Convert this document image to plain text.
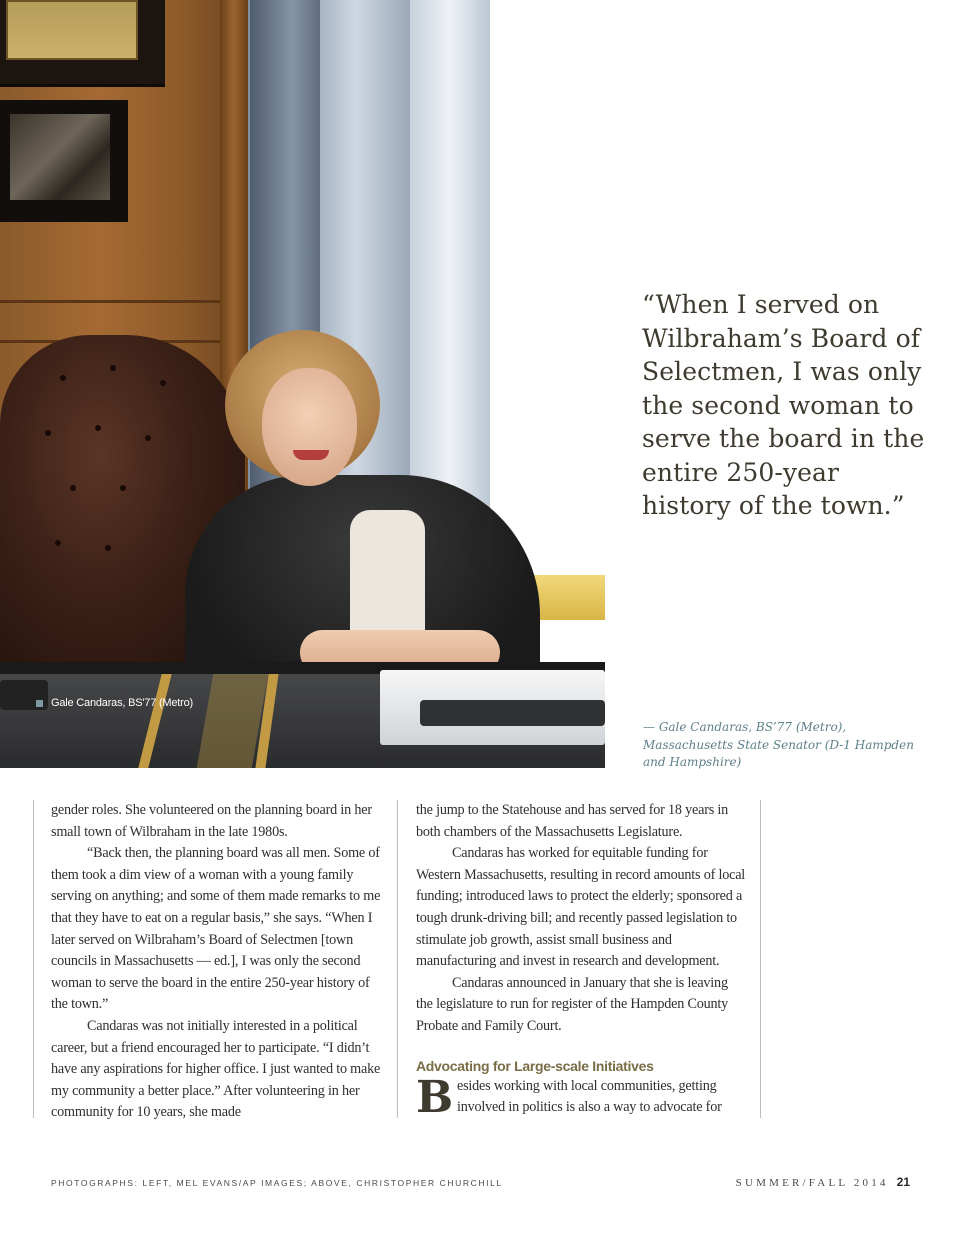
Gale Candaras, BS'77 (Metro)

“When I served on Wilbraham’s Board of Selectmen, I was only the second woman to serve the board in the entire 250-year history of the town.”

— Gale Candaras, BS’77 (Metro), Massachusetts State Senator (D-1 Hampden and Hampshire)

gender roles. She volunteered on the planning board in her small town of Wilbraham in the late 1980s.

“Back then, the planning board was all men. Some of them took a dim view of a woman with a young family serving on anything; and some of them made remarks to me that they have to eat on a regular basis,” she says. “When I later served on Wilbraham’s Board of Selectmen [town councils in Massachusetts — ed.], I was only the second woman to serve the board in the entire 250-year history of the town.”

Candaras was not initially interested in a political career, but a friend encouraged her to participate. “I didn’t have any aspirations for higher office. I just wanted to make my community a better place.” After volunteering in her community for 10 years, she made

the jump to the Statehouse and has served for 18 years in both chambers of the Massachusetts Legislature.

Candaras has worked for equitable funding for Western Massachusetts, resulting in record amounts of local funding; introduced laws to protect the elderly; sponsored a tough drunk-driving bill; and recently passed legislation to stimulate job growth, assist small business and manufacturing and invest in research and development.

Candaras announced in January that she is leaving the legislature to run for register of the Hampden County Probate and Family Court.

Advocating for Large-scale Initiatives

Besides working with local communities, getting involved in politics is also a way to advocate for

PHOTOGRAPHS: LEFT, MEL EVANS/AP IMAGES; ABOVE, CHRISTOPHER CHURCHILL	SUMMER/FALL 2014 21
